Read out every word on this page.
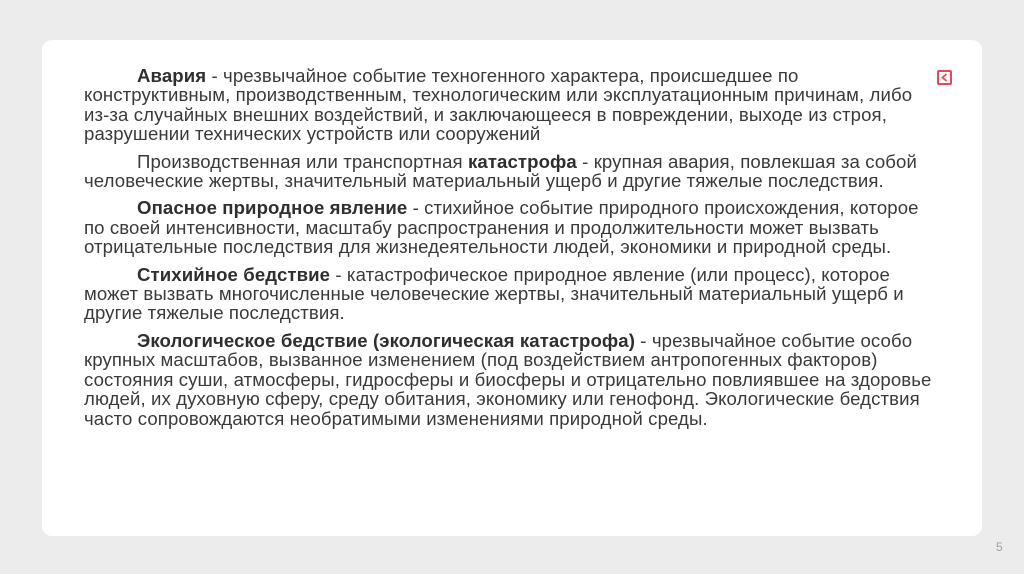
Авария - чрезвычайное событие техногенного характера, происшедшее по конструктивным, производственным, технологическим или эксплуатационным причинам, либо из-за случайных внешних воздействий, и заключающееся в повреждении, выходе из строя, разрушении технических устройств или сооружений

Производственная или транспортная катастрофа - крупная авария, повлекшая за собой человеческие жертвы, значительный материальный ущерб и другие тяжелые последствия.

Опасное природное явление - стихийное событие природного происхождения, которое по своей интенсивности, масштабу распространения и продолжительности может вызвать отрицательные последствия для жизнедеятельности людей, экономики и природной среды.

Стихийное бедствие - катастрофическое природное явление (или процесс), которое может вызвать многочисленные человеческие жертвы, значительный материальный ущерб и другие тяжелые последствия.

Экологическое бедствие (экологическая катастрофа) - чрезвычайное событие особо крупных масштабов, вызванное изменением (под воздействием антропогенных факторов) состояния суши, атмосферы, гидросферы и биосферы и отрицательно повлиявшее на здоровье людей, их духовную сферу, среду обитания, экономику или генофонд. Экологические бедствия часто сопровождаются необратимыми изменениями природной среды.

5
